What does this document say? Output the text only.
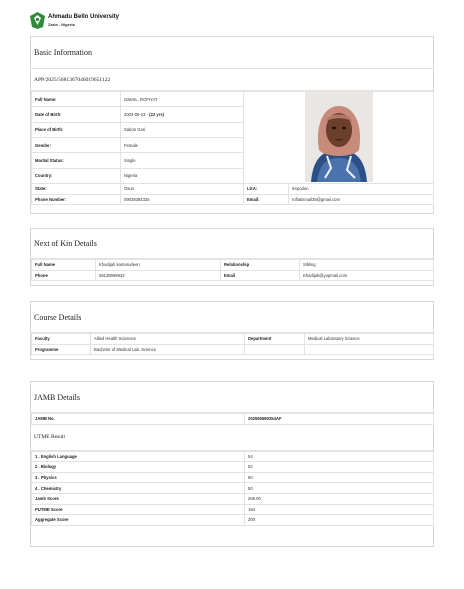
Ahmadu Bello University
Zaria - Nigeria
Basic Information
APP/2025/5681367046019651122
Full Name:	ISMAIL, ROFIYAT	
Date of Birth:	2003-09-23 - (22 yrs)		
Place of Birth:	Sabon Gari		
Gender:	Female		
Marital Status:	Single		
Country:	Nigeria		
State:	Osun	LGA:	Irepodun
Phone Number:	09038384325	Email:	rofiatismail38@gmail.com
Next of Kin Details
Full Name	Khadijah kamarudeen	Relationship	Sibling
Phone	08138069943	Email	Khadijah@yopmail.com
Course Details
Faculty	Allied Health Sciences	Department	Medical Laboratory Science
Programme	Bachelor of Medical Lab. Science		
JAMB Details
JAMB No.	202550590254AF
UTME Result
1 . English Language	54
2 . Biology	52
3 . Physics	50
4 . Chemistry	50
Jamb Score	206.00
PUTME Score	194
Aggregate Score	200
